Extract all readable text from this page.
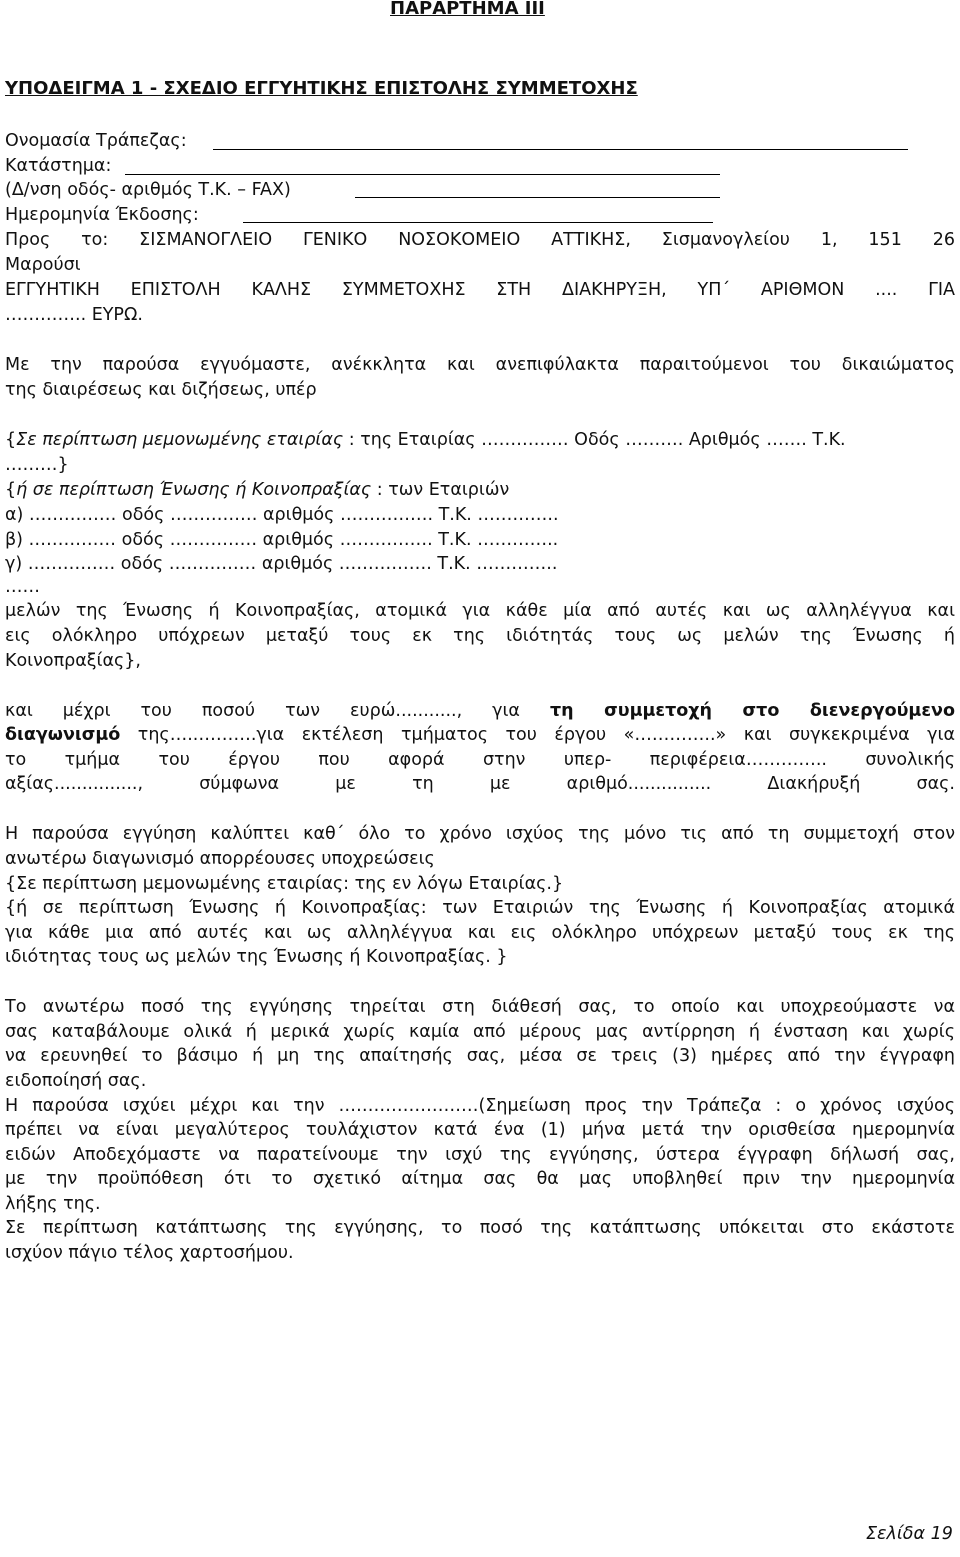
ΠΑΡΑΡΤΗΜΑ ΙΙΙ
ΥΠΟΔΕΙΓΜΑ 1 - ΣΧΕΔΙΟ ΕΓΓΥΗΤΙΚΗΣ ΕΠΙΣΤΟΛΗΣ ΣΥΜΜΕΤΟΧΗΣ
Ονομασία Τράπεζας:
Κατάστημα:
(Δ/νση οδός- αριθμός Τ.Κ. – FAX)
Ημερομηνία Έκδοσης:
Προς το: ΣΙΣΜΑΝΟΓΛΕΙΟ ΓΕΝΙΚΟ ΝΟΣΟΚΟΜΕΙΟ ΑΤΤΙΚΗΣ, Σισμανογλείου 1, 151 26
Μαρούσι
ΕΓΓΥΗΤΙΚΗ ΕΠΙΣΤΟΛΗ ΚΑΛΗΣ ΣΥΜΜΕΤΟΧΗΣ ΣΤΗ ΔΙΑΚΗΡΥΞΗ, ΥΠ΄ ΑΡΙΘΜΟΝ .... ΓΙΑ
………….. ΕΥΡΩ.
Με την παρούσα εγγυόμαστε, ανέκκλητα και ανεπιφύλακτα παραιτούμενοι του δικαιώματος
της διαιρέσεως και διζήσεως, υπέρ
{Σε περίπτωση μεμονωμένης εταιρίας : της Εταιρίας …………… Οδός ………. Αριθμός ……. Τ.Κ.
………}
{ή σε περίπτωση Ένωσης ή Κοινοπραξίας : των Εταιριών
α) …………… οδός …………… αριθμός ……………. Τ.Κ. …………..
β) …………… οδός …………… αριθμός ……………. Τ.Κ. …………..
γ) …………… οδός …………… αριθμός ……………. Τ.Κ. …………..
……
μελών της Ένωσης ή Κοινοπραξίας, ατομικά για κάθε μία από αυτές και ως αλληλέγγυα και
εις ολόκληρο υπόχρεων μεταξύ τους εκ της ιδιότητάς τους ως μελών της Ένωσης ή
Κοινοπραξίας},
και μέχρι του ποσού των ευρώ..........., για τη συμμετοχή στο διενεργούμενο
διαγωνισμό της…..……….για εκτέλεση τμήματος του έργου «…………..» και συγκεκριμένα για
το τμήμα του έργου που αφορά στην υπερ- περιφέρεια………….. συνολικής
αξίας..............., σύμφωνα με τη με αριθμό............... Διακήρυξή σας.
Η παρούσα εγγύηση καλύπτει καθ΄ όλο το χρόνο ισχύος της μόνο τις από τη συμμετοχή στον
ανωτέρω διαγωνισμό απορρέουσες υποχρεώσεις
{Σε περίπτωση μεμονωμένης εταιρίας: της εν λόγω Εταιρίας.}
{ή σε περίπτωση Ένωσης ή Κοινοπραξίας: των Εταιριών της Ένωσης ή Κοινοπραξίας ατομικά
για κάθε μια από αυτές και ως αλληλέγγυα και εις ολόκληρο υπόχρεων μεταξύ τους εκ της
ιδιότητας τους ως μελών της Ένωσης ή Κοινοπραξίας. }
Το ανωτέρω ποσό της εγγύησης τηρείται στη διάθεσή σας, το οποίο και υποχρεούμαστε να
σας καταβάλουμε ολικά ή μερικά χωρίς καμία από μέρους μας αντίρρηση ή ένσταση και χωρίς
να ερευνηθεί το βάσιμο ή μη της απαίτησής σας, μέσα σε τρεις (3) ημέρες από την έγγραφη
ειδοποίησή σας.
Η παρούσα ισχύει μέχρι και την ……………………(Σημείωση προς την Τράπεζα : ο χρόνος ισχύος
πρέπει να είναι μεγαλύτερος τουλάχιστον κατά ένα (1) μήνα μετά την ορισθείσα ημερομηνία
ειδών Αποδεχόμαστε να παρατείνουμε την ισχύ της εγγύησης, ύστερα έγγραφη δήλωσή σας,
με την προϋπόθεση ότι το σχετικό αίτημα σας θα μας υποβληθεί πριν την ημερομηνία
λήξης της.
Σε περίπτωση κατάπτωσης της εγγύησης, το ποσό της κατάπτωσης υπόκειται στο εκάστοτε
ισχύον πάγιο τέλος χαρτοσήμου.
Σελίδα 19
